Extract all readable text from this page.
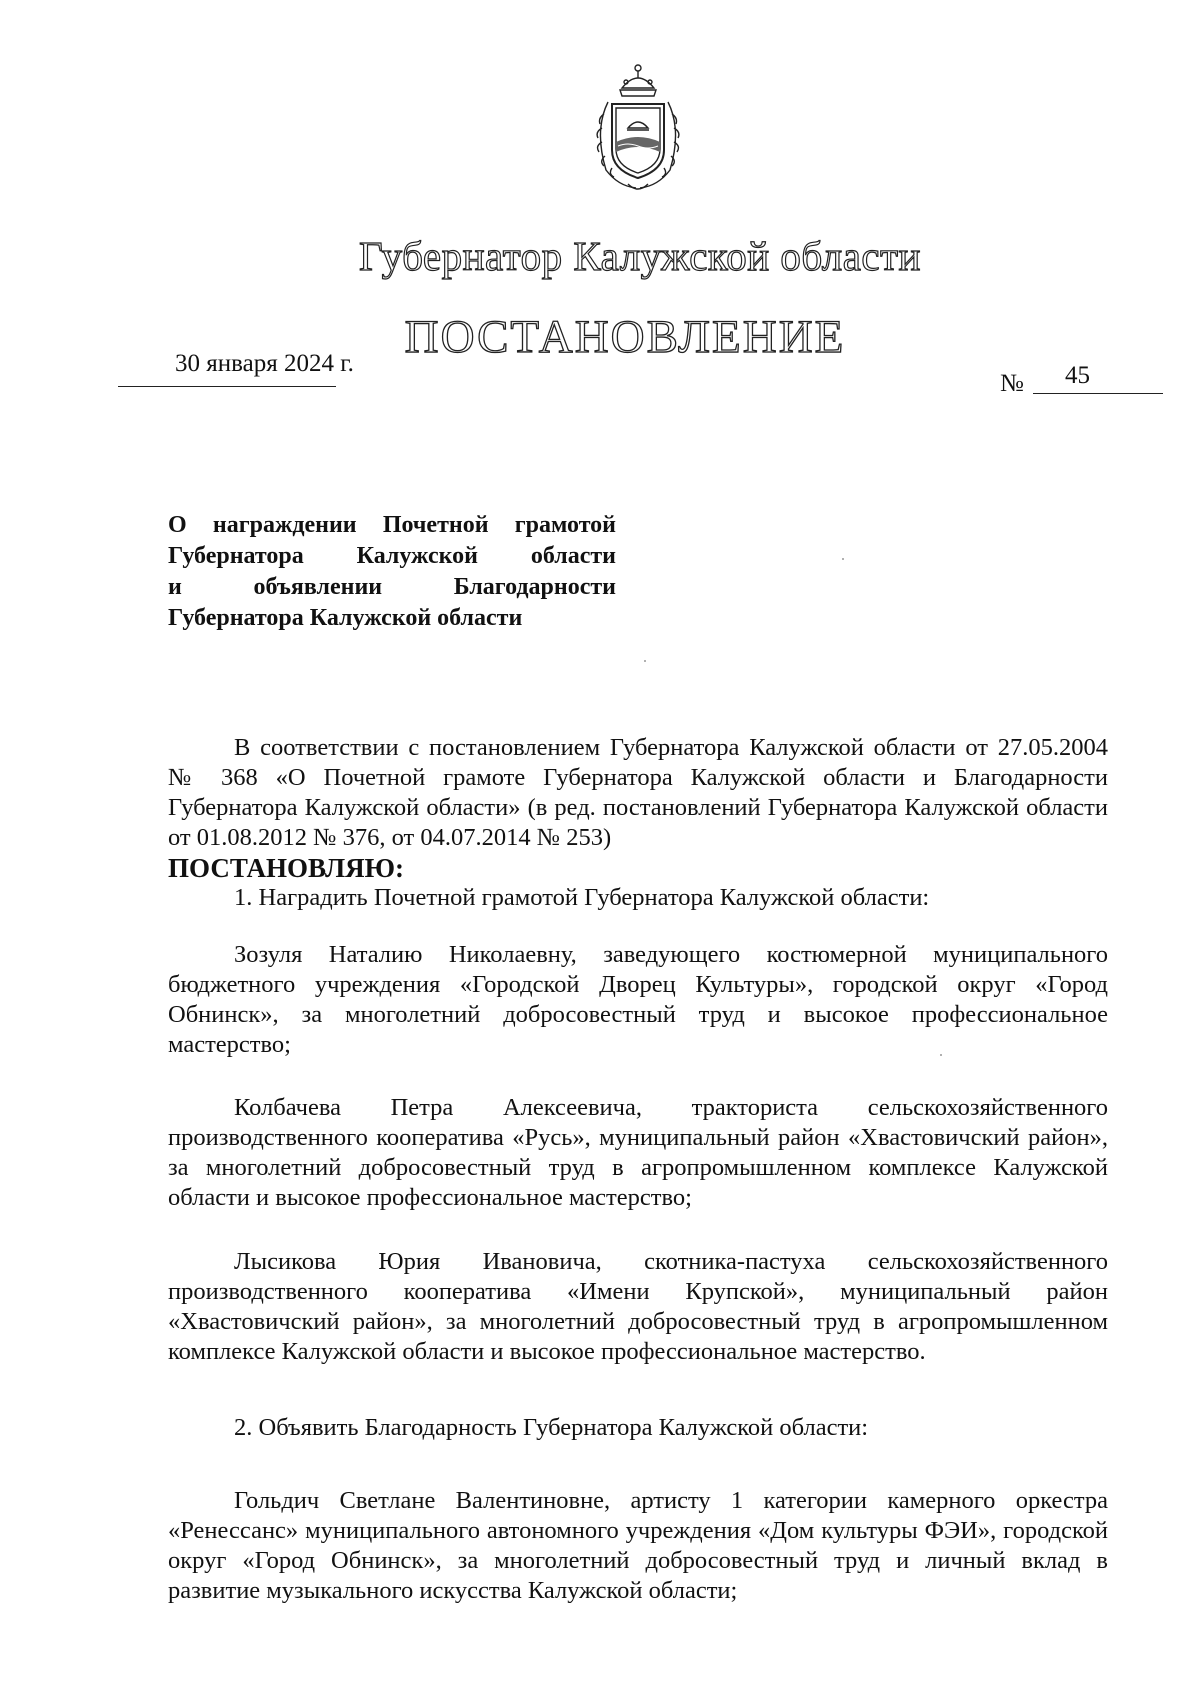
Губернатор Калужской области
ПОСТАНОВЛЕНИЕ
30 января 2024 г.
№ 45
О награждении Почетной грамотой
Губернатора Калужской области
и объявлении Благодарности
Губернатора Калужской области

В соответствии с постановлением Губернатора Калужской области от 27.05.2004 № 368 «О Почетной грамоте Губернатора Калужской области и Благодарности Губернатора Калужской области» (в ред. постановлений Губернатора Калужской области от 01.08.2012 № 376, от 04.07.2014 № 253)

ПОСТАНОВЛЯЮ:

1. Наградить Почетной грамотой Губернатора Калужской области:

Зозуля Наталию Николаевну, заведующего костюмерной муниципального бюджетного учреждения «Городской Дворец Культуры», городской округ «Город Обнинск», за многолетний добросовестный труд и высокое профессиональное мастерство;

Колбачева Петра Алексеевича, тракториста сельскохозяйственного производственного кооператива «Русь», муниципальный район «Хвастовичский район», за многолетний добросовестный труд в агропромышленном комплексе Калужской области и высокое профессиональное мастерство;

Лысикова Юрия Ивановича, скотника-пастуха сельскохозяйственного производственного кооператива «Имени Крупской», муниципальный район «Хвастовичский район», за многолетний добросовестный труд в агропромышленном комплексе Калужской области и высокое профессиональное мастерство.

2. Объявить Благодарность Губернатора Калужской области:

Гольдич Светлане Валентиновне, артисту 1 категории камерного оркестра «Ренессанс» муниципального автономного учреждения «Дом культуры ФЭИ», городской округ «Город Обнинск», за многолетний добросовестный труд и личный вклад в развитие музыкального искусства Калужской области;
